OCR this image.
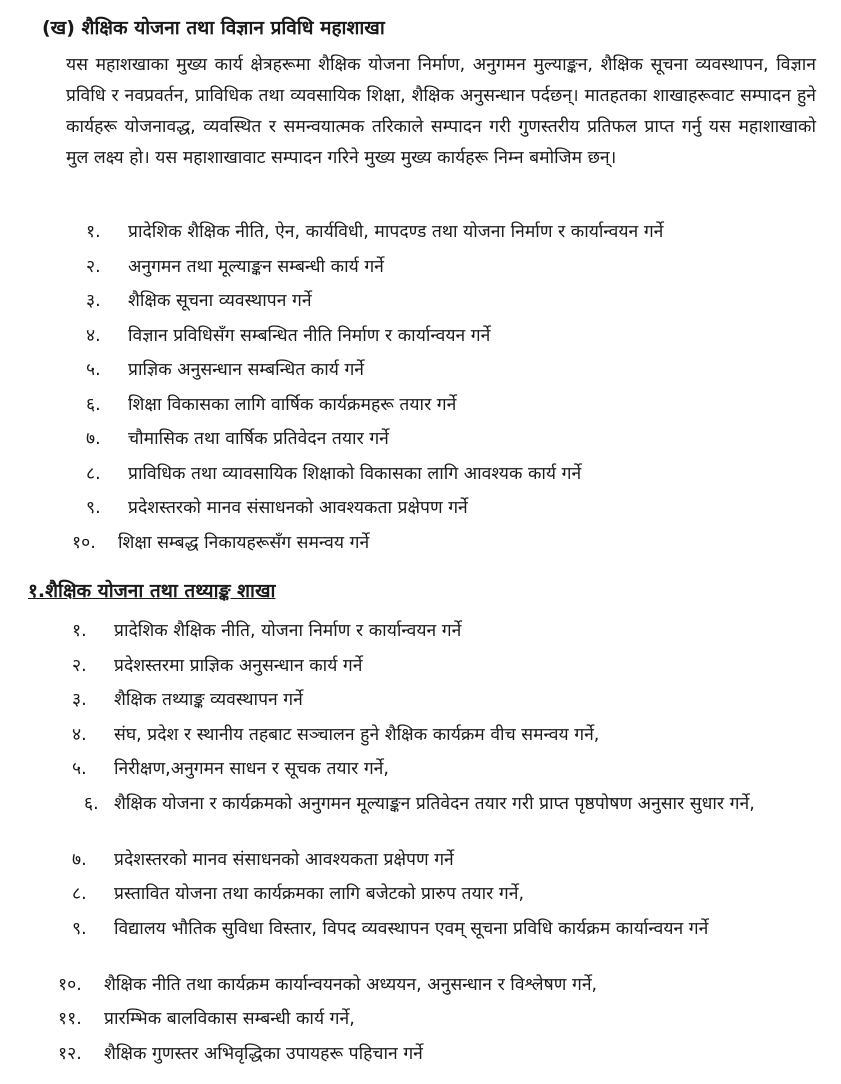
(ख) शैक्षिक योजना तथा विज्ञान प्रविधि महाशाखा
यस महाशखाका मुख्य कार्य क्षेत्रहरूमा शैक्षिक योजना निर्माण, अनुगमन मुल्याङ्कन, शैक्षिक सूचना व्यवस्थापन, विज्ञान प्रविधि र नवप्रवर्तन, प्राविधिक तथा व्यवसायिक शिक्षा, शैक्षिक अनुसन्धान पर्दछन्। मातहतका शाखाहरूवाट सम्पादन हुने कार्यहरू योजनावद्ध, व्यवस्थित र समन्वयात्मक तरिकाले सम्पादन गरी गुणस्तरीय प्रतिफल प्राप्त गर्नु यस महाशाखाको मुल लक्ष्य हो। यस महाशाखावाट सम्पादन गरिने मुख्य मुख्य कार्यहरू निम्न बमोजिम छन्।
१. प्रादेशिक शैक्षिक नीति, ऐन, कार्यविधी, मापदण्ड तथा योजना निर्माण र कार्यान्वयन गर्ने
२. अनुगमन तथा मूल्याङ्कन सम्बन्धी कार्य गर्ने
३. शैक्षिक सूचना व्यवस्थापन गर्ने
४. विज्ञान प्रविधिसँग सम्बन्धित नीति निर्माण र कार्यान्वयन गर्ने
५. प्राज्ञिक अनुसन्धान सम्बन्धित कार्य गर्ने
६. शिक्षा विकासका लागि वार्षिक कार्यक्रमहरू तयार गर्ने
७. चौमासिक तथा वार्षिक प्रतिवेदन तयार गर्ने
८. प्राविधिक तथा व्यावसायिक शिक्षाको विकासका लागि आवश्यक कार्य गर्ने
९. प्रदेशस्तरको मानव संसाधनको आवश्यकता प्रक्षेपण गर्ने
१०. शिक्षा सम्बद्ध निकायहरूसँग समन्वय गर्ने
१.शैक्षिक योजना तथा तथ्याङ्क शाखा
१. प्रादेशिक शैक्षिक नीति, योजना निर्माण र कार्यान्वयन गर्ने
२. प्रदेशस्तरमा प्राज्ञिक अनुसन्धान कार्य गर्ने
३. शैक्षिक तथ्याङ्क व्यवस्थापन गर्ने
४. संघ, प्रदेश र स्थानीय तहबाट सञ्चालन हुने शैक्षिक कार्यक्रम वीच समन्वय गर्ने,
५. निरीक्षण,अनुगमन साधन र सूचक तयार गर्ने,
६. शैक्षिक योजना र कार्यक्रमको अनुगमन मूल्याङ्कन प्रतिवेदन तयार गरी प्राप्त पृष्ठपोषण अनुसार सुधार गर्ने,
७. प्रदेशस्तरको मानव संसाधनको आवश्यकता प्रक्षेपण गर्ने
८. प्रस्तावित योजना तथा कार्यक्रमका लागि बजेटको प्रारुप तयार गर्ने,
९. विद्यालय भौतिक सुविधा विस्तार, विपद व्यवस्थापन एवम् सूचना प्रविधि कार्यक्रम कार्यान्वयन गर्ने
१०. शैक्षिक नीति तथा कार्यक्रम कार्यान्वयनको अध्ययन, अनुसन्धान र विश्लेषण गर्ने,
११. प्रारम्भिक बालविकास सम्बन्धी कार्य गर्ने,
१२. शैक्षिक गुणस्तर अभिवृद्धिका उपायहरू पहिचान गर्ने
